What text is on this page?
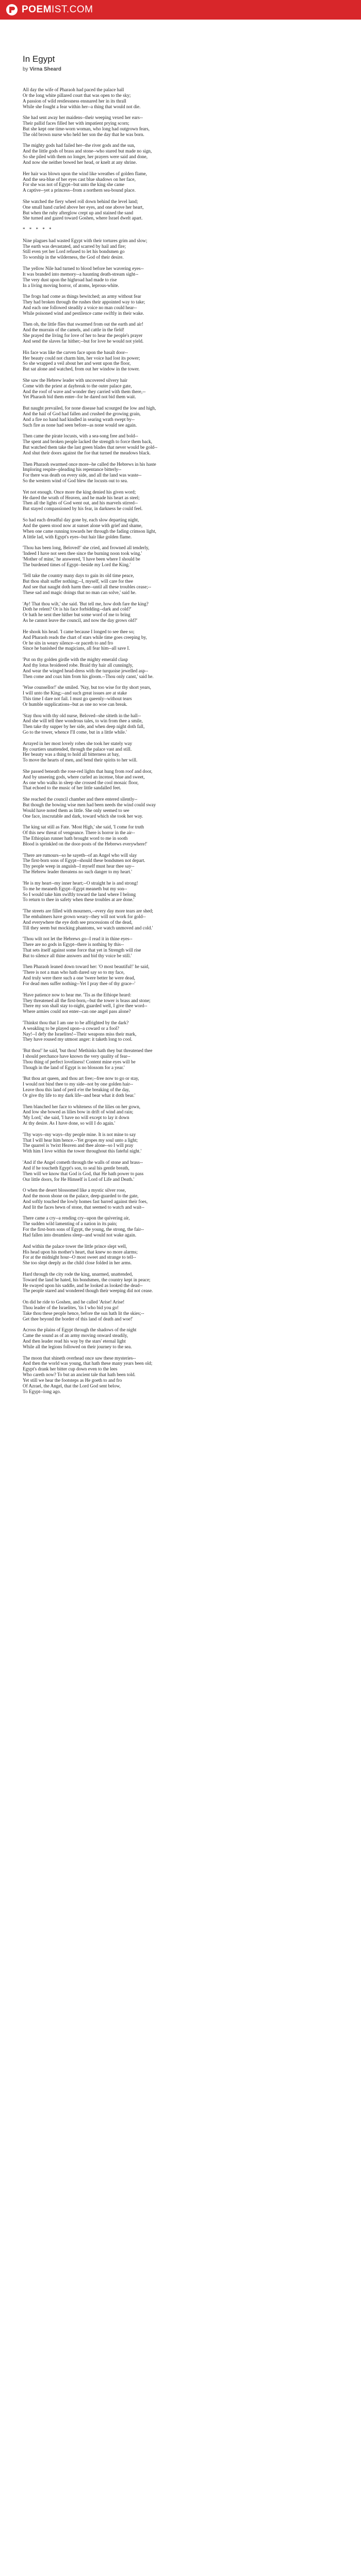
POEMIST.COM
In Egypt
by Virna Sheard
All day the wife of Pharaoh had paced the palace hall
Or the long white pillared court that was open to the sky;
A passion of wild restlessness ensnared her in its thrall
While she fought a fear within her--a thing that would not die.
She had sent away her maidens--their weeping vexed her ears--
Their pallid faces filled her with impatient prying scorn;
But she kept one time-worn woman, who long had outgrown fears,
The old brown nurse who held her son the day that he was born.
The mighty gods had failed her--the river gods and the sun,
And the little gods of brass and stone--who stared but made no sign,
So she piled with them no longer, her prayers were said and done,
And now she neither bowed her head, or knelt at any shrine.
Her hair was blown upon the wind like wreathes of golden flame,
And the sea-blue of her eyes cast blue shadows on her face,
For she was not of Egypt--but unto the king she came
A captive--yet a princess--from a northern sea-bound place.
She watched the fiery wheel roll down behind the level land;
One small hand curled above her eyes, and one above her heart,
But when the ruby afterglow crept up and stained the sand
She turned and gazed toward Goshen, where Israel dwelt apart.
* * * * *
Nine plagues had wasted Egypt with their tortures grim and slow;
The earth was devastated, and scarred by hail and fire;
Still even yet her Lord refused to let his bondsmen go
To worship in the wilderness, the God of their desire.
The yellow Nile had turned to blood before her wavering eyes--
It was branded into memory--a haunting death-stream sight--
The very dust upon the highroad had made to rise
In a living moving horror, of atoms, leprous-white.
The frogs had come as things bewitched; an army without fear
They had broken through the rushes their appointed way to take;
And each one followed steadily a voice no man could hear--
While poisoned wind and pestilence came swiftly in their wake.
Then oh, the little flies that swarmed from out the earth and air!
And the murrain of the camels, and cattle in the field!
She prayed the living for love of her to hear the people's prayer
And send the slaves far hither;--but for love he would not yield.
His face was like the carven face upon the basalt door--
Her beauty could not charm him, her voice had lost its power;
So she wrapped a veil about her and went upon the floor,
But sat alone and watched, from out her window in the tower.
She saw the Hebrew leader with uncovered silvery hair
Come with the priest at daybreak to the outer palace gate,
And the roof of wave and wonder they carried with them there,--
Yet Pharaoh bid them enter--for he dared not bid them wait.
But naught prevailed, for none disease had scourged the low and high,
And the hail of God had fallen and crushed the growing grain,
And a fire no hand had kindled in searing wrath swept by--
Such fire as none had seen before--as none would see again.
Then came the pirate locusts, with a sea-song free and bold--
The spent and broken people lacked the strength to force them back,
But watched them take the last green blades that never would be gold--
And shut their doors against the foe that turned the meadows black.
Then Pharaoh swarmed once more--he called the Hebrews in his haste
Imploring respite--pleading his repentance bitterly--
For there was death on every side, and all the land was waste--
So the western wind of God blew the locusts out to sea.
Yet not enough. Once more the king denied his given word;
He dared the wrath of Heaven, and he made his heart as steel;
Then all the lights of God went out, and his marvels stirred--
But stayed compassioned by his fear, in darkness he could feel.
So had each dreadful day gone by, each slow departing night,
And the queen stood now at sunset alone with grief and shame,
When one came running towards her through the fading crimson light,
A little lad, with Egypt's eyes--but hair like golden flame.
'Thou has been long, Beloved!' she cried, and frowned all tenderly,
'Indeed I have not seen thee since the burning noon took wing.'
'Mother of mine,' he answered, 'I have been where I should be
The burdened times of Egypt--beside my Lord the King.'
'Tell take the country many days to gain its old time peace,
But thou shalt suffer nothing;--I, myself, will care for thee
And see that naught doth harm thee--until all these troubles cease;--
These sad and magic doings that no man can solve,' said he.
'Ay! That thou wilt,' she said. 'But tell me, how doth fare the king?
Doth he relent? Or is his face forbidding--dark and cold?'
Or hath he sent thee hither but some word of me to bring
As he cannot leave the council, and now the day grows old?'
He shook his head. 'I came because I longed to see thee so;
And Pharaoh reads the chart of stars while time goes creeping by,
Or he sits in weary silence--or paceth to and fro
Since he banished the magicians, all fear him--all save I.
'Put on thy golden girdle with the mighty emerald clasp
And thy lotus broidered robe. Braid thy hair all cunningly,
And wear the winged head-dress with the turquoise jewelled asp--
Then come and coax him from his gloom.--Thou only canst,' said he.
'Wise counsellor!' she smiled. 'Nay, but too wise for thy short years,
I will unto the King;--and such great issues are at stake
This time I dare not fail. I must go queenly--without tears
Or humble supplications--but as one no woe can break.
'Stay thou with thy old nurse, Beloved--she sitteth in the hall--
And she will tell thee wondrous tales, to win from thee a smile,
Then take thy supper by her side, and when deep night doth fall,
Go to the tower, whence I'll come, but in a little while.'
Arrayed in her most lovely robes she took her stately way
By courtiers unattended, through the palace vast and still.
Her beauty was a thing to hold all bitterness at bay,
To move the hearts of men, and bend their spirits to her will.
She passed beneath the rose-red lights that hung from roof and door,
And by unseeing gods, where curled an incense, blue and sweet,
As one who walks in sleep she crossed the cool mosaic floor,
That echoed to the music of her little sandalled feet.
She reached the council chamber and there entered silently--
But though the bowing wise men had been needs the wind could sway
Would have noted them as little. She only seemed to see
One face, inscrutable and dark, toward which she took her way.
The king sat still as Fate. 'Most High,' she said, 'I come for truth
Of this new threat of vengeance. There is horror in the air--
The Ethiopian runner hath brought word to me in sooth
Blood is sprinkled on the door-posts of the Hebrews everywhere!'
'There are rumours--so he sayeth--of an Angel who will slay
The first-born sons of Egypt--should these bondsmen not depart.
Thy people weep in anguish--I myself must hear thee say--
The Hebrew leader threatens no such danger to my heart.'
'He is my heart--my inner heart;--O straight he is and strong!
To me he meaneth Egypt--Egypt meaneth but my son--
So I would take him swiftly toward the land where I belong
To return to thee in safety when these troubles at are done.'
'The streets are filled with mourners,--every day more tears are shed;
The embalmers have grown weary--they will not work for gold--
And everywhere the eye doth see processions of the dead,
Till they seem but mocking phantoms, we watch unmoved and cold.'
'Thou wilt not let the Hebrews go--I read it in thine eyes--
There are no gods in Egypt--there is nothing by this--
That sets itself against some force that yet in Strength will rise
But to silence all thine answers and bid thy voice be still.'
Then Pharaoh leaned down toward her: 'O most beautiful!' he said,
'There is not a man who hath dared say so to my face,
And truly were there such a one 'twere better he were dead,
For dead men suffer nothing--Yet I pray thee of thy grace--'
'Have patience now to hear me. 'Tis as the Ethiope heard:
They threatened all the first-born,--but the tower is brass and stone;
There my son shall stay to-night, guarded well, I give thee word--
Where armies could not enter--can one angel pass alone?
'Thinkst thou that I am one to be affrighted by the dark?
A weakling to be played upon--a coward or a fool?
Nay!--I defy the Israelites!--Their weapons miss their mark,
They have roused my utmost anger: it taketh long to cool.
'But thou!' he said, 'but thou! Methinks hath they but threatened thee
I should perchance have known the very quality of fear--
Thou thing of perfect loveliness! Content mine eyes will be
Though in the land of Egypt is no blossom for a year.'
'But thou art queen, and thou art free;--free now to go or stay,
I would not bind thee to my side--not by one golden hair--
Leave thou this land of peril e'er the breaking of the day,
Or give thy life to my dark life--and bear what it doth bear.'
Then blanched her face to whiteness of the lilies on her gown,
And low she bowed as lilies bow in drift of wind and rain;
'My Lord,' she said, 'I have no will except to lay it down
At thy desire. As I have done, so will I do again.'
'Thy ways--my ways--thy people mine. It is not mine to say
That I will hear him hence.--Yet gropes my soul unto a light;
The quarrel is 'twixt Heaven and thee alone--so I will pray
With him I love within the tower throughout this fateful night.'
'And if the Angel cometh through the walls of stone and brass--
And if he toucheth Egypt's son, to seal his gentle breath,
Then will we know that God is God, that He hath power to pass
Our little doors, for He Himself is Lord of Life and Death.'
O when the desert blossomed like a mystic silver rose,
And the moon shone on the palace, deep-guarded to the gate,
And softly touched the lowly homes fast barred against their foes,
And lit the faces hewn of stone, that seemed to watch and wait--
There came a cry--a rending cry--upon the quivering air,
The sudden wild lamenting of a nation in its pain;
For the first-born sons of Egypt, the young, the strong, the fair--
Had fallen into dreamless sleep--and would not wake again.
And within the palace tower the little prince slept well,
His head upon his mother's heart, that knew no more alarms;
For at the midnight hour--O most sweet and strange to tell--
She too slept deeply as the child close folded in her arms.
Hard through the city rode the king, unarmed, unattended,
Toward the land he hated, his bondsmen, the country kept in peace;
He swayed upon his saddle, and he looked as looked the dead--
The people stared and wondered though their weeping did not cease.
On did he ride to Goshen, and he called 'Arise! Arise!
Thou leader of the Israelites, 'tis I who bid you go!
Take thou these people hence, before the sun hath lit the skies;--
Get thee beyond the border of this land of death and woe!'
Across the plains of Egypt through the shadows of the night
Came the sound as of an army moving onward steadily,
And then leader read his way by the stars' eternal light
While all the legions followed on their journey to the sea.
The moon that shineth overhead once saw these mysteries--
And then the world was young, that hath these many years been old;
Egypt's drank her bitter cup down even to the lees
Who careth now? To but an ancient tale that hath been told.
Yet still we hear the footsteps as He goeth to and fro
Of Azrael, the Angel, that the Lord God sent below,
To Egypt--long ago.
